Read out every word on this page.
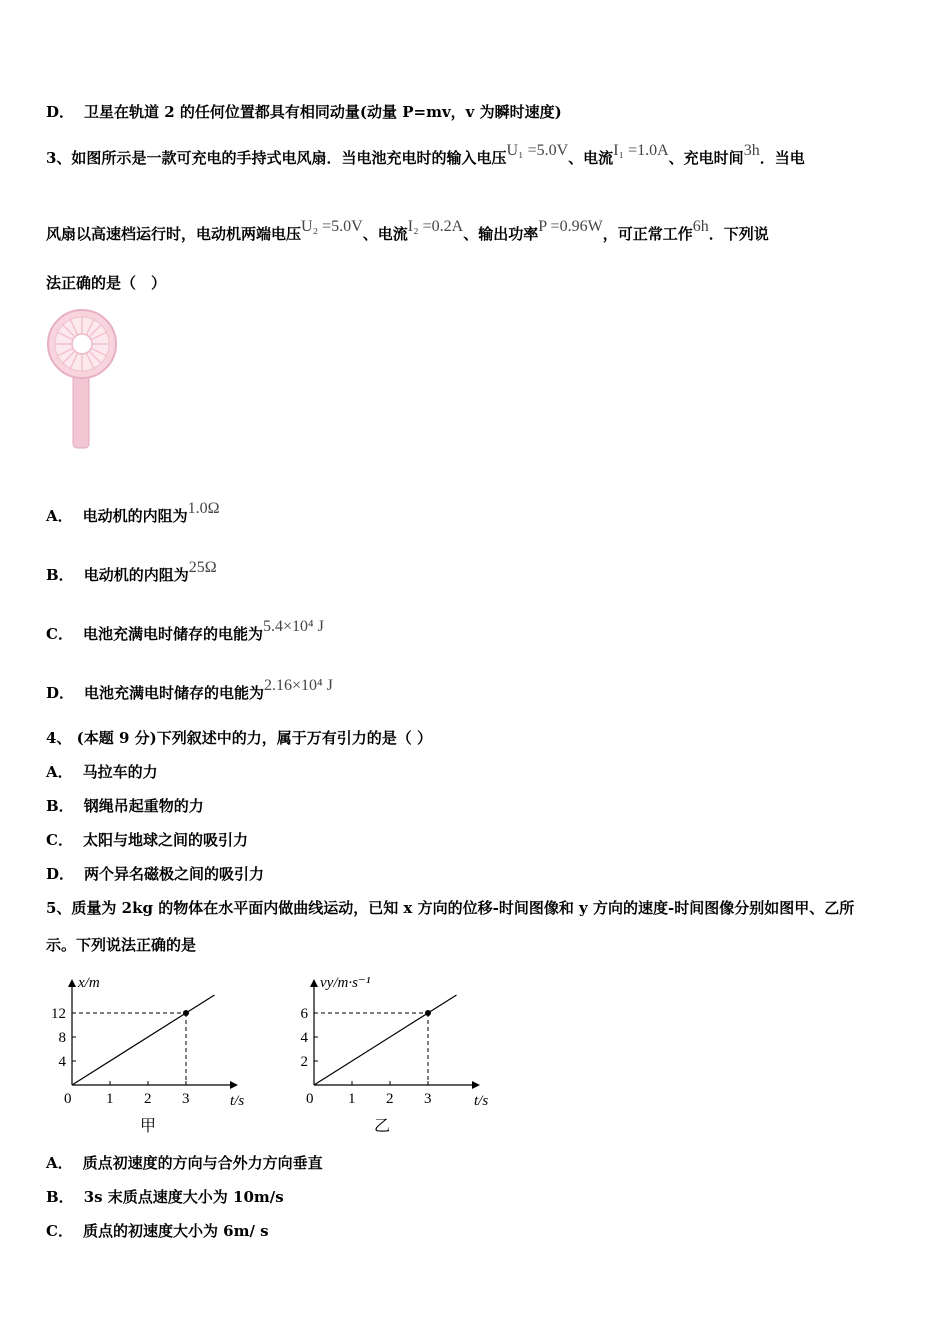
D． 卫星在轨道 2 的任何位置都具有相同动量(动量 P=mv，v 为瞬时速度)
3、如图所示是一款可充电的手持式电风扇．当电池充电时的输入电压U₁ =5.0V、电流I₁ =1.0A、充电时间3h．当电
风扇以高速档运行时，电动机两端电压U₂ =5.0V、电流I₂ =0.2A、输出功率P =0.96W，可正常工作6h．下列说
法正确的是（　）
A． 电动机的内阻为1.0Ω
B． 电动机的内阻为25Ω
C． 电池充满电时储存的电能为5.4×10⁴ J
D． 电池充满电时储存的电能为2.16×10⁴ J
4、 (本题 9 分)下列叙述中的力，属于万有引力的是（ ）
A． 马拉车的力
B． 钢绳吊起重物的力
C． 太阳与地球之间的吸引力
D． 两个异名磁极之间的吸引力
5、质量为 2kg 的物体在水平面内做曲线运动，已知 x 方向的位移-时间图像和 y 方向的速度-时间图像分别如图甲、乙所
示。下列说法正确的是
x/m
t/s
甲
0 1 2 3
4
8
12
vy/m·s⁻¹
t/s
乙
0 1 2 3
2
4
6
A． 质点初速度的方向与合外力方向垂直
B． 3s 末质点速度大小为 10m/s
C． 质点的初速度大小为 6m/ s
